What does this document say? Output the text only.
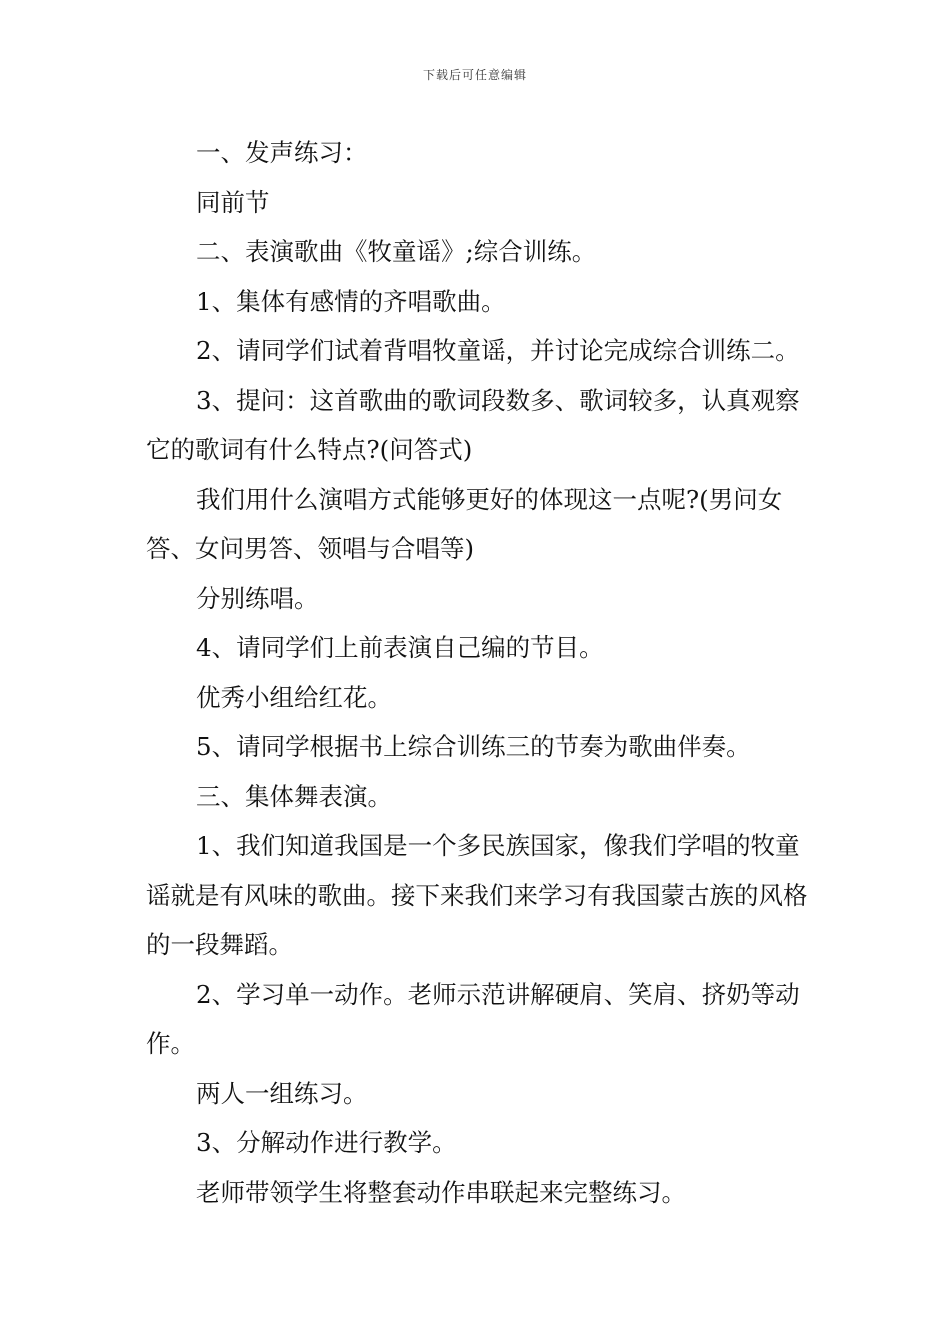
下载后可任意编辑

一、发声练习：

同前节

二、表演歌曲《牧童谣》;综合训练。

1、集体有感情的齐唱歌曲。

2、请同学们试着背唱牧童谣，并讨论完成综合训练二。

3、提问：这首歌曲的歌词段数多、歌词较多，认真观察它的歌词有什么特点?(问答式)

我们用什么演唱方式能够更好的体现这一点呢?(男问女答、女问男答、领唱与合唱等)

分别练唱。

4、请同学们上前表演自己编的节目。

优秀小组给红花。

5、请同学根据书上综合训练三的节奏为歌曲伴奏。

三、集体舞表演。

1、我们知道我国是一个多民族国家，像我们学唱的牧童谣就是有风味的歌曲。接下来我们来学习有我国蒙古族的风格的一段舞蹈。

2、学习单一动作。老师示范讲解硬肩、笑肩、挤奶等动作。

两人一组练习。

3、分解动作进行教学。

老师带领学生将整套动作串联起来完整练习。
